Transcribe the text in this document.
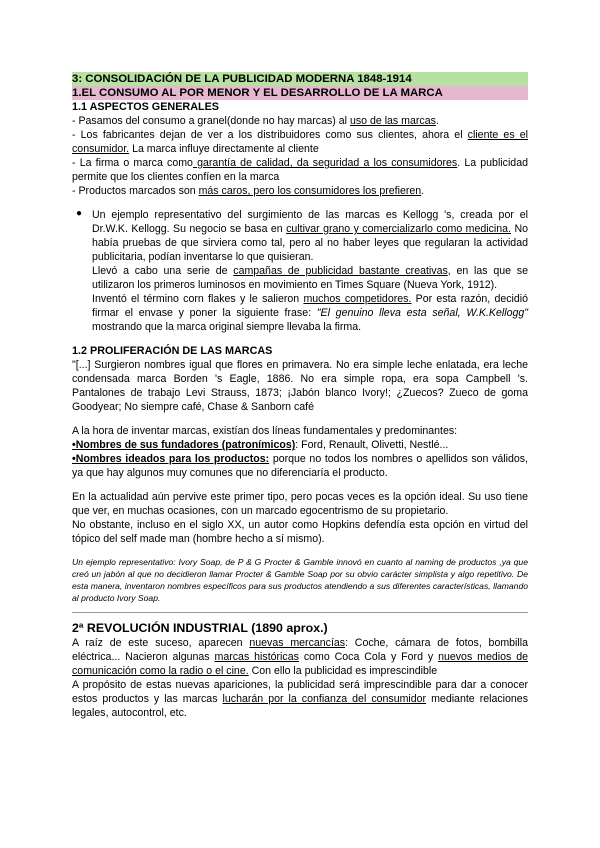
3: CONSOLIDACIÓN DE LA PUBLICIDAD MODERNA 1848-1914
1.EL CONSUMO AL POR MENOR Y EL DESARROLLO DE LA MARCA

1.1 ASPECTOS GENERALES

- Pasamos del consumo a granel(donde no hay marcas) al uso de las marcas.

- Los fabricantes dejan de ver a los distribuidores como sus clientes, ahora el cliente es el consumidor. La marca influye directamente al cliente

- La firma o marca como garantía de calidad, da seguridad a los consumidores. La publicidad permite que los clientes confíen en la marca

- Productos marcados son más caros, pero los consumidores los prefieren.

● Un ejemplo representativo del surgimiento de las marcas es Kellogg 's, creada por el Dr.W.K. Kellogg. Su negocio se basa en cultivar grano y comercializarlo como medicina. No había pruebas de que sirviera como tal, pero al no haber leyes que regularan la actividad publicitaria, podían inventarse lo que quisieran.

Llevó a cabo una serie de campañas de publicidad bastante creativas, en las que se utilizaron los primeros luminosos en movimiento en Times Square (Nueva York, 1912).

Inventó el término corn flakes y le salieron muchos competidores. Por esta razón, decidió firmar el envase y poner la siguiente frase: "El genuino lleva esta señal, W.K.Kellogg" mostrando que la marca original siempre llevaba la firma.

1.2 PROLIFERACIÓN DE LAS MARCAS

"[...] Surgieron nombres igual que flores en primavera. No era simple leche enlatada, era leche condensada marca Borden 's Eagle, 1886. No era simple ropa, era sopa Campbell 's. Pantalones de trabajo Levi Strauss, 1873; ¡Jabón blanco Ivory!; ¿Zuecos? Zueco de goma Goodyear; No siempre café, Chase & Sanborn café

A la hora de inventar marcas, existían dos líneas fundamentales y predominantes:

•Nombres de sus fundadores (patronímicos): Ford, Renault, Olivetti, Nestlé...

•Nombres ideados para los productos: porque no todos los nombres o apellidos son válidos, ya que hay algunos muy comunes que no diferenciaría el producto.

En la actualidad aún pervive este primer tipo, pero pocas veces es la opción ideal. Su uso tiene que ver, en muchas ocasiones, con un marcado egocentrismo de su propietario.

No obstante, incluso en el siglo XX, un autor como Hopkins defendía esta opción en virtud del tópico del self made man (hombre hecho a sí mismo).

Un ejemplo representativo: Ivory Soap, de P & G Procter & Gamble innovó en cuanto al naming de productos ,ya que creó un jabón al que no decidieron llamar Procter & Gamble Soap por su obvio carácter simplista y algo repetitivo. De esta manera, inventaron nombres específicos para sus productos atendiendo a sus diferentes características, llamando al producto Ivory Soap.

2ª REVOLUCIÓN INDUSTRIAL (1890 aprox.)

A raíz de este suceso, aparecen nuevas mercancías: Coche, cámara de fotos, bombilla eléctrica... Nacieron algunas marcas históricas como Coca Cola y Ford y nuevos medios de comunicación como la radio o el cine. Con ello la publicidad es imprescindible

A propósito de estas nuevas apariciones, la publicidad será imprescindible para dar a conocer estos productos y las marcas lucharán por la confianza del consumidor mediante relaciones legales, autocontrol, etc.
